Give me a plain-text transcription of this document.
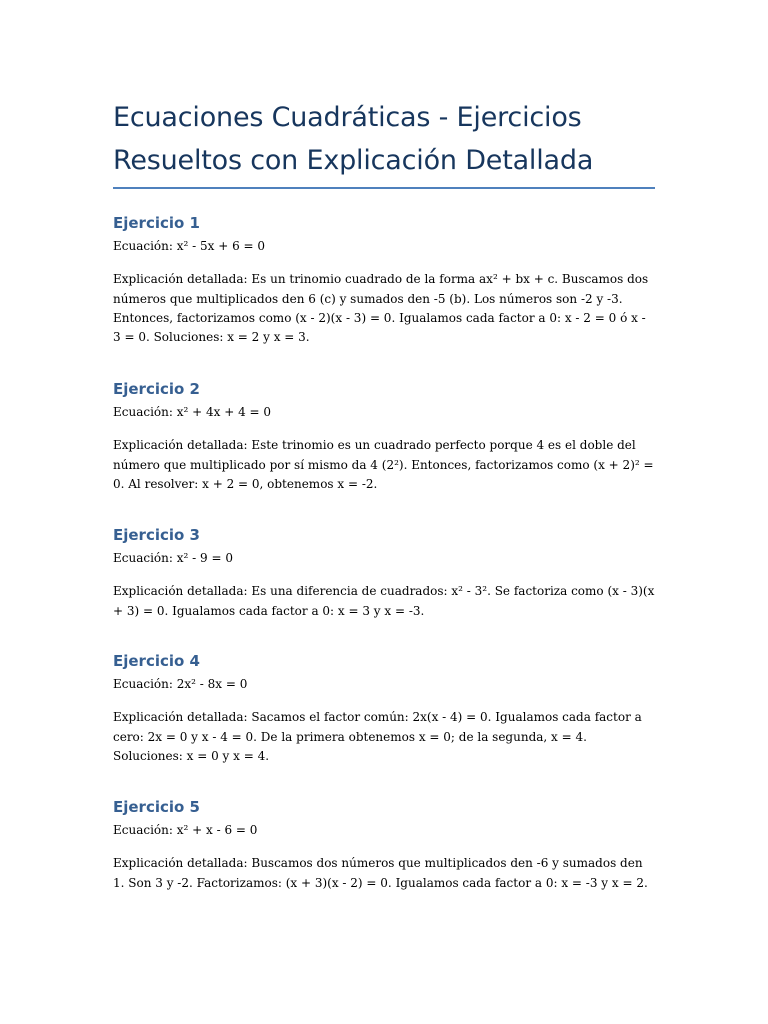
Ecuaciones Cuadráticas - Ejercicios Resueltos con Explicación Detallada
Ejercicio 1

Ecuación: x² - 5x + 6 = 0

Explicación detallada: Es un trinomio cuadrado de la forma ax² + bx + c. Buscamos dos números que multiplicados den 6 (c) y sumados den -5 (b). Los números son -2 y -3. Entonces, factorizamos como (x - 2)(x - 3) = 0. Igualamos cada factor a 0: x - 2 = 0 ó x - 3 = 0. Soluciones: x = 2 y x = 3.

Ejercicio 2

Ecuación: x² + 4x + 4 = 0

Explicación detallada: Este trinomio es un cuadrado perfecto porque 4 es el doble del número que multiplicado por sí mismo da 4 (2²). Entonces, factorizamos como (x + 2)² = 0. Al resolver: x + 2 = 0, obtenemos x = -2.

Ejercicio 3

Ecuación: x² - 9 = 0

Explicación detallada: Es una diferencia de cuadrados: x² - 3². Se factoriza como (x - 3)(x + 3) = 0. Igualamos cada factor a 0: x = 3 y x = -3.

Ejercicio 4

Ecuación: 2x² - 8x = 0

Explicación detallada: Sacamos el factor común: 2x(x - 4) = 0. Igualamos cada factor a cero: 2x = 0 y x - 4 = 0. De la primera obtenemos x = 0; de la segunda, x = 4. Soluciones: x = 0 y x = 4.

Ejercicio 5

Ecuación: x² + x - 6 = 0

Explicación detallada: Buscamos dos números que multiplicados den -6 y sumados den 1. Son 3 y -2. Factorizamos: (x + 3)(x - 2) = 0. Igualamos cada factor a 0: x = -3 y x = 2.
